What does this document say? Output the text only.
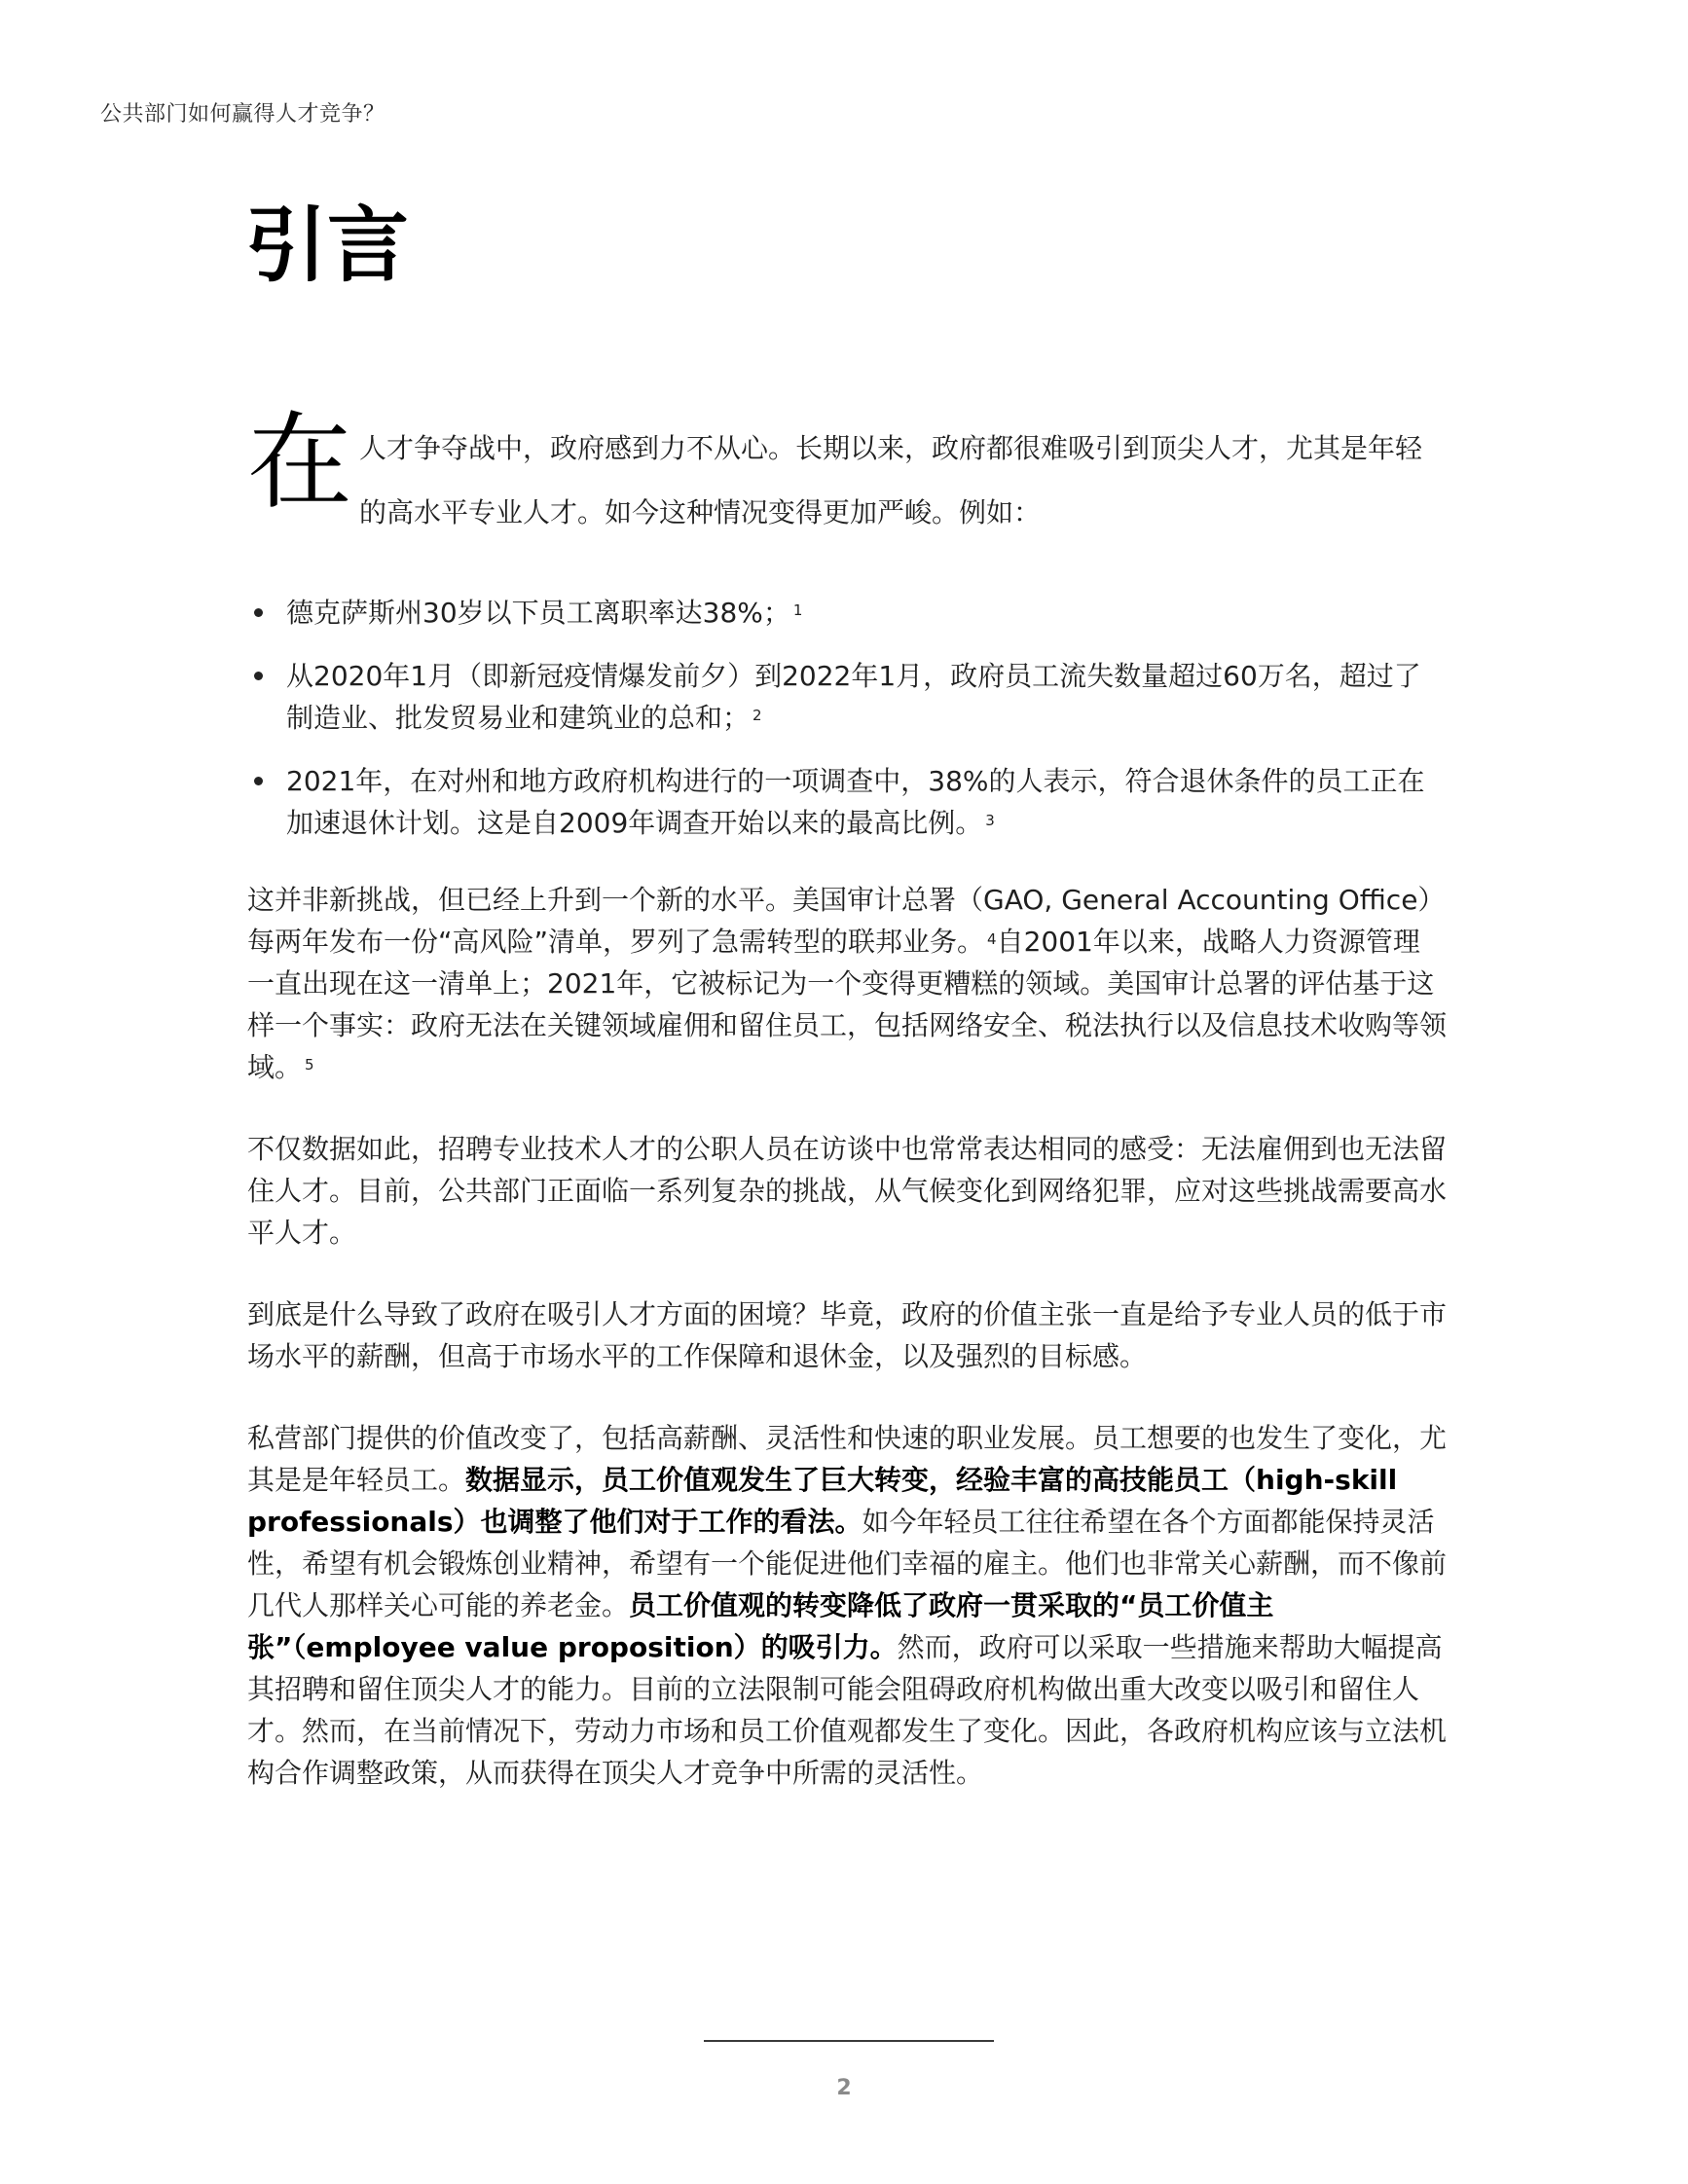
公共部门如何赢得人才竞争？
引言
在 人才争夺战中，政府感到力不从心。长期以来，政府都很难吸引到顶尖人才，尤其是年轻
的高水平专业人才。如今这种情况变得更加严峻。例如：
德克萨斯州30岁以下员工离职率达38%； $^1$
从2020年1月（即新冠疫情爆发前夕）到2022年1月，政府员工流失数量超过60万名，超过了制造业、批发贸易业和建筑业的总和； $^2$
2021年，在对州和地方政府机构进行的一项调查中，38%的人表示，符合退休条件的员工正在加速退休计划。这是自2009年调查开始以来的最高比例。 $^3$

这并非新挑战，但已经上升到一个新的水平。美国审计总署（GAO, General Accounting Office）每两年发布一份“高风险”清单，罗列了急需转型的联邦业务。 $^4$自2001年以来，战略人力资源管理一直出现在这一清单上；2021年，它被标记为一个变得更糟糕的领域。美国审计总署的评估基于这样一个事实：政府无法在关键领域雇佣和留住员工，包括网络安全、税法执行以及信息技术收购等领域。 $^5$

不仅数据如此，招聘专业技术人才的公职人员在访谈中也常常表达相同的感受：无法雇佣到也无法留住人才。目前，公共部门正面临一系列复杂的挑战，从气候变化到网络犯罪，应对这些挑战需要高水平人才。

到底是什么导致了政府在吸引人才方面的困境？毕竟，政府的价值主张一直是给予专业人员的低于市场水平的薪酬，但高于市场水平的工作保障和退休金，以及强烈的目标感。

私营部门提供的价值改变了，包括高薪酬、灵活性和快速的职业发展。员工想要的也发生了变化，尤其是是年轻员工。数据显示，员工价值观发生了巨大转变，经验丰富的高技能员工（high-skill professionals）也调整了他们对于工作的看法。如今年轻员工往往希望在各个方面都能保持灵活性，希望有机会锻炼创业精神，希望有一个能促进他们幸福的雇主。他们也非常关心薪酬，而不像前几代人那样关心可能的养老金。员工价值观的转变降低了政府一贯采取的“员工价值主张”（employee value proposition）的吸引力。然而，政府可以采取一些措施来帮助大幅提高其招聘和留住顶尖人才的能力。目前的立法限制可能会阻碍政府机构做出重大改变以吸引和留住人才。然而，在当前情况下，劳动力市场和员工价值观都发生了变化。因此，各政府机构应该与立法机构合作调整政策，从而获得在顶尖人才竞争中所需的灵活性。

2
